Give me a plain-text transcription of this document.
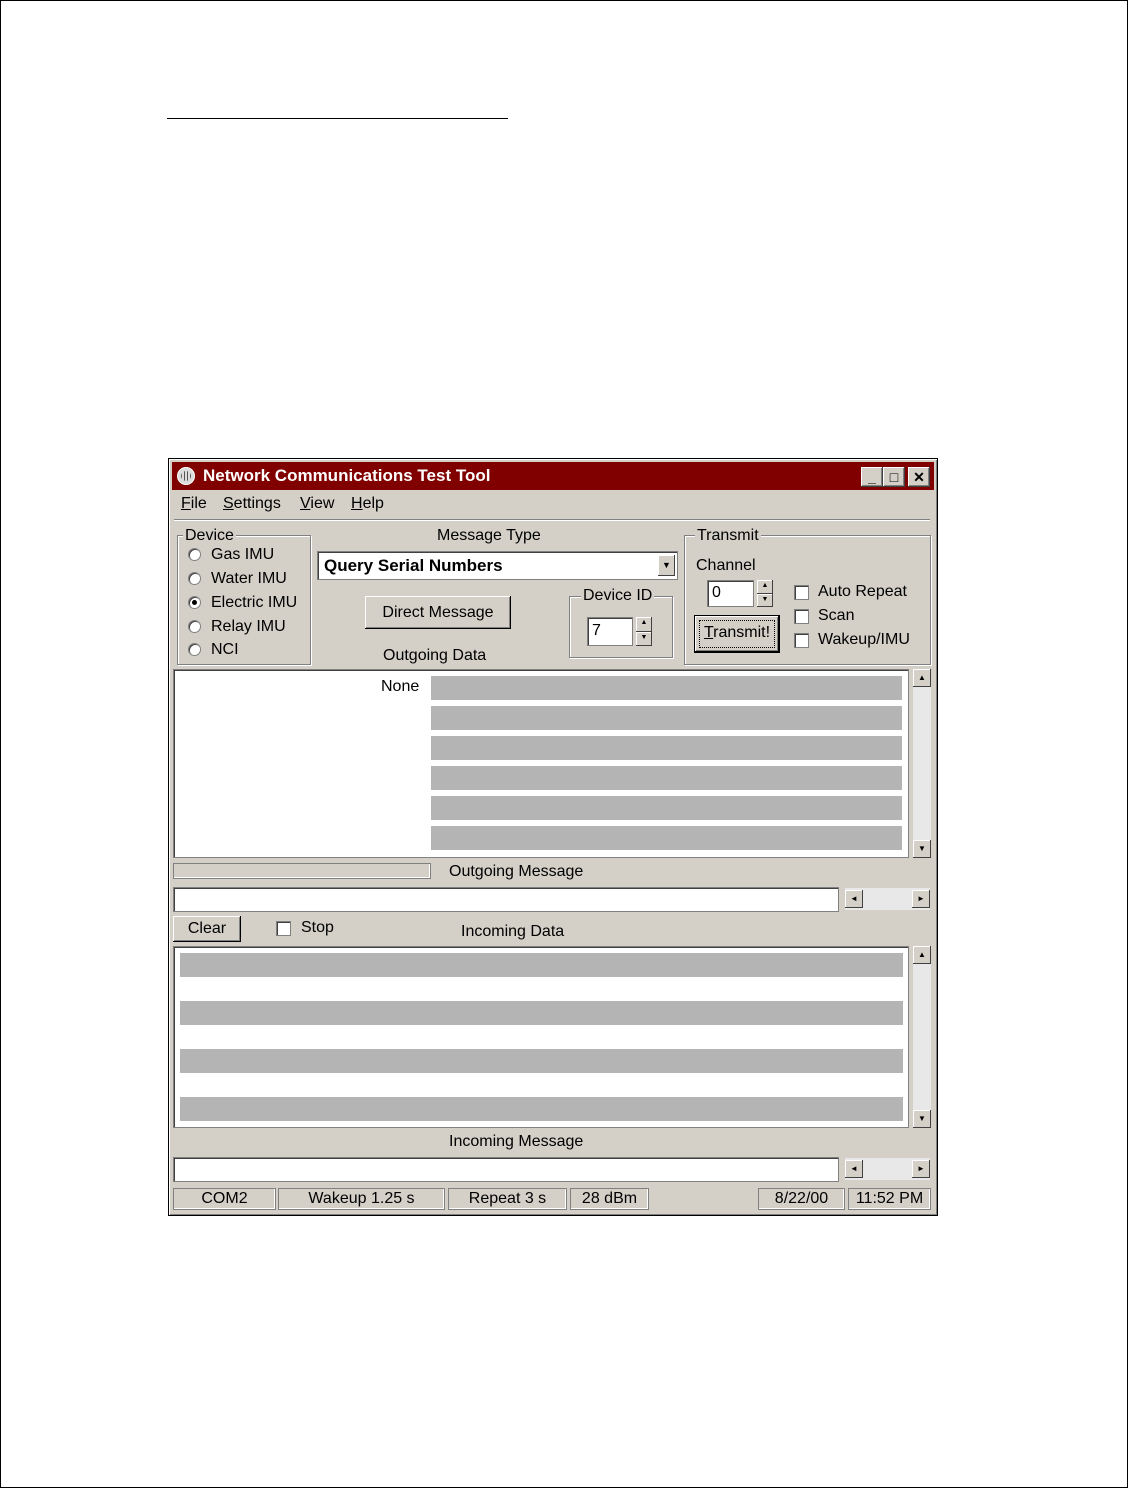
Network Communications Test Tool	_ □	✕
File Settings View Help
Device
Gas IMU
Water IMU
Electric IMU
Relay IMU
NCI
Message Type
Query Serial Numbers	▼
Direct Message
Device ID
7	▲
▼
Outgoing Data
Transmit
Channel
0	▲
▼
Transmit!
Auto Repeat
Scan
Wakeup/IMU
None
▲
▼
Outgoing Message
◄	►
Clear	Stop	Incoming Data
▲
▼
Incoming Message
◄	►
COM2	Wakeup 1.25 s	Repeat 3 s	28 dBm	8/22/00	11:52 PM
